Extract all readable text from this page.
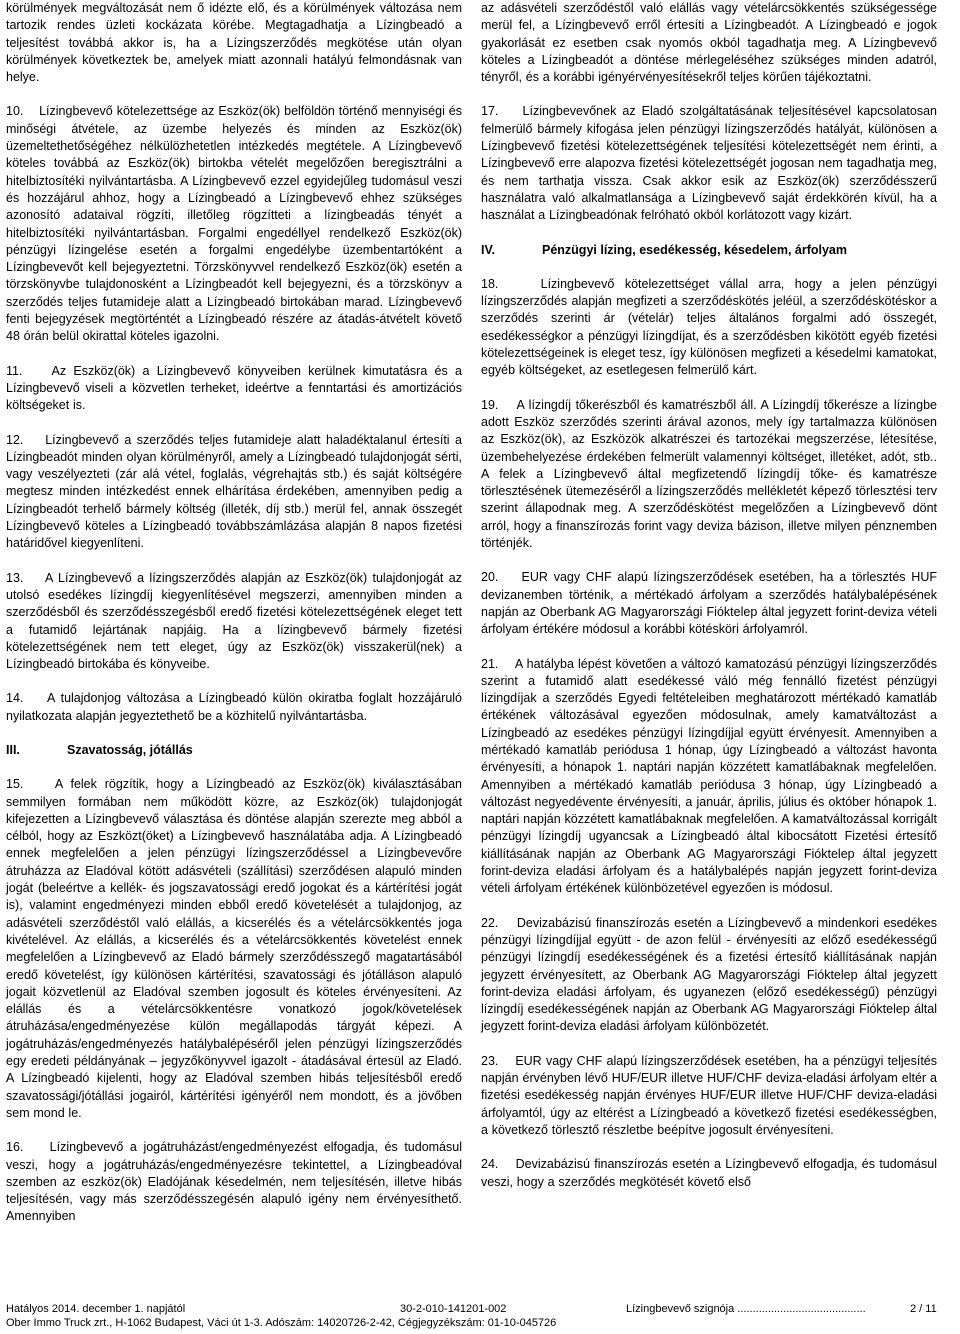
körülmények megváltozását nem ő idézte elő, és a körülmények változása nem tartozik rendes üzleti kockázata körébe. Megtagadhatja a Lízingbeadó a teljesítést továbbá akkor is, ha a Lízingszerződés megkötése után olyan körülmények következtek be, amelyek miatt azonnali hatályú felmondásnak van helye.

10.    Lízingbevevő kötelezettsége az Eszköz(ök) belföldön történő mennyiségi és minőségi átvétele, az üzembe helyezés és minden az Eszköz(ök) üzemeltethetőségéhez nélkülözhetetlen intézkedés megtétele. A Lízingbevevő köteles továbbá az Eszköz(ök) birtokba vételét megelőzően beregisztrálni a hitelbiztosítéki nyilvántartásba. A Lízingbevevő ezzel egyidejűleg tudomásul veszi és hozzájárul ahhoz, hogy a Lízingbeadó a Lízingbevevő ehhez szükséges azonosító adataival rögzíti, illetőleg rögzítteti a lízingbeadás tényét a hitelbiztosítéki nyilvántartásban. Forgalmi engedéllyel rendelkező Eszköz(ök) pénzügyi lízingelése esetén a forgalmi engedélybe üzembentartóként a Lízingbevevőt kell bejegyeztetni. Törzskönyvvel rendelkező Eszköz(ök) esetén a törzskönyvbe tulajdonosként a Lízingbeadót kell bejegyezni, és a törzskönyv a szerződés teljes futamideje alatt a Lízingbeadó birtokában marad. Lízingbevevő fenti bejegyzések megtörténtét a Lízingbeadó részére az átadás-átvételt követő 48 órán belül okirattal köteles igazolni.

11.    Az Eszköz(ök) a Lízingbevevő könyveiben kerülnek kimutatásra és a Lízingbevevő viseli a közvetlen terheket, ideértve a fenntartási és amortizációs költségeket is.

12.    Lízingbevevő a szerződés teljes futamideje alatt haladéktalanul értesíti a Lízingbeadót minden olyan körülményről, amely a Lízingbeadó tulajdonjogát sérti, vagy veszélyezteti (zár alá vétel, foglalás, végrehajtás stb.) és saját költségére megtesz minden intézkedést ennek elhárítása érdekében, amennyiben pedig a Lízingbeadót terhelő bármely költség (illeték, díj stb.) merül fel, annak összegét Lízingbevevő köteles a Lízingbeadó továbbszámlázása alapján 8 napos fizetési határidővel kiegyenlíteni.

13.    A Lízingbevevő a lízingszerződés alapján az Eszköz(ök) tulajdonjogát az utolsó esedékes lízingdíj kiegyenlítésével megszerzi, amennyiben minden a szerződésből és szerződésszegésből eredő fizetési kötelezettségének eleget tett a futamidő lejártának napjáig. Ha a lízingbevevő bármely fizetési kötelezettségének nem tett eleget, úgy az Eszköz(ök) visszakerül(nek) a Lízingbeadó birtokába és könyveibe.

14.    A tulajdonjog változása a Lízingbeadó külön okiratba foglalt hozzájáruló nyilatkozata alapján jegyeztethető be a közhitelű nyilvántartásba.

III.	Szavatosság, jótállás

15.    A felek rögzítik, hogy a Lízingbeadó az Eszköz(ök) kiválasztásában semmilyen formában nem működött közre, az Eszköz(ök) tulajdonjogát kifejezetten a Lízingbevevő választása és döntése alapján szerezte meg abból a célból, hogy az Eszközt(öket) a Lízingbevevő használatába adja. A Lízingbeadó ennek megfelelően a jelen pénzügyi lízingszerződéssel a Lízingbevevőre átruházza az Eladóval kötött adásvételi (szállítási) szerződésen alapuló minden jogát (beleértve a kellék- és jogszavatossági eredő jogokat és a kártérítési jogát is), valamint engedményezi minden ebből eredő követelését a tulajdonjog, az adásvételi szerződéstől való elállás, a kicserélés és a vételárcsökkentés joga kivételével. Az elállás, a kicserélés és a vételárcsökkentés követelést ennek megfelelően a Lízingbevevő az Eladó bármely szerződésszegő magatartásából eredő követelést, így különösen kártérítési, szavatossági és jótálláson alapuló jogait közvetlenül az Eladóval szemben jogosult és köteles érvényesíteni. Az elállás és a vételárcsökkentésre vonatkozó jogok/követelések átruházása/engedményezése külön megállapodás tárgyát képezi. A jogátruházás/engedményezés hatálybalépéséről jelen pénzügyi lízingszerződés egy eredeti példányának – jegyzőkönyvvel igazolt - átadásával értesül az Eladó. A Lízingbeadó kijelenti, hogy az Eladóval szemben hibás teljesítésből eredő szavatossági/jótállási jogairól, kártérítési igényéről nem mondott, és a jövőben sem mond le.

16.    Lízingbevevő a jogátruházást/engedményezést elfogadja, és tudomásul veszi, hogy a jogátruházás/engedményezésre tekintettel, a Lízingbeadóval szemben az eszköz(ök) Eladójának késedelmén, nem teljesítésén, illetve hibás teljesítésén, vagy más szerződésszegésén alapuló igény nem érvényesíthető. Amennyiben

az adásvételi szerződéstől való elállás vagy vételárcsökkentés szükségessége merül fel, a Lízingbevevő erről értesíti a Lízingbeadót. A Lízingbeadó e jogok gyakorlását ez esetben csak nyomós okból tagadhatja meg. A Lízingbevevő köteles a Lízingbeadót a döntése mérlegeléséhez szükséges minden adatról, tényről, és a korábbi igényérvényesítésekről teljes körűen tájékoztatni.

17.    Lízingbevevőnek az Eladó szolgáltatásának teljesítésével kapcsolatosan felmerülő bármely kifogása jelen pénzügyi lízingszerződés hatályát, különösen a Lízingbevevő fizetési kötelezettségének teljesítési kötelezettségét nem érinti, a Lízingbevevő erre alapozva fizetési kötelezettségét jogosan nem tagadhatja meg, és nem tarthatja vissza. Csak akkor esik az Eszköz(ök) szerződésszerű használatra való alkalmatlansága a Lízingbevevő saját érdekkörén kívül, ha a használat a Lízingbeadónak felróható okból korlátozott vagy kizárt.

IV.	Pénzügyi lízing, esedékesség, késedelem, árfolyam

18.    Lízingbevevő kötelezettséget vállal arra, hogy a jelen pénzügyi lízingszerződés alapján megfizeti a szerződéskötés jeléül, a szerződéskötéskor a szerződés szerinti ár (vételár) teljes általános forgalmi adó összegét, esedékességkor a pénzügyi lízingdíjat, és a szerződésben kikötött egyéb fizetési kötelezettségeinek is eleget tesz, így különösen megfizeti a késedelmi kamatokat, egyéb költségeket, az esetlegesen felmerülő kárt.

19.    A lízingdíj tőkerészből és kamatrészből áll. A Lízingdíj tőkerésze a lízingbe adott Eszköz szerződés szerinti árával azonos, mely így tartalmazza különösen az Eszköz(ök), az Eszközök alkatrészei és tartozékai megszerzése, létesítése, üzembehelyezése érdekében felmerült valamennyi költséget, illetéket, adót, stb.. A felek a Lízingbevevő által megfizetendő lízingdíj tőke- és kamatrésze törlesztésének ütemezéséről a lízingszerződés mellékletét képező törlesztési terv szerint állapodnak meg. A szerződéskötést megelőzően a Lízingbevevő dönt arról, hogy a finanszírozás forint vagy deviza bázison, illetve milyen pénznemben történjék.

20.    EUR vagy CHF alapú lízingszerződések esetében, ha a törlesztés HUF devizanemben történik, a mértékadó árfolyam a szerződés hatálybalépésének napján az Oberbank AG Magyarországi Fióktelep által jegyzett forint-deviza vételi árfolyam értékére módosul a korábbi kötésköri árfolyamról.

21.    A hatályba lépést követően a változó kamatozású pénzügyi lízingszerződés szerint a futamidő alatt esedékessé váló még fennálló fizetést pénzügyi lízingdíjak a szerződés Egyedi feltételeiben meghatározott mértékadó kamatláb értékének változásával egyezően módosulnak, amely kamatváltozást a Lízingbeadó az esedékes pénzügyi lízingdíjjal együtt érvényesít. Amennyiben a mértékadó kamatláb periódusa 1 hónap, úgy Lízingbeadó a változást havonta érvényesíti, a hónapok 1. naptári napján közzétett kamatlábaknak megfelelően. Amennyiben a mértékadó kamatláb periódusa 3 hónap, úgy Lízingbeadó a változást negyedévente érvényesíti, a január, április, július és október hónapok 1. naptári napján közzétett kamatlábaknak megfelelően. A kamatváltozással korrigált pénzügyi lízingdíj ugyancsak a Lízingbeadó által kibocsátott Fizetési értesítő kiállításának napján az Oberbank AG Magyarországi Fióktelep által jegyzett forint-deviza eladási árfolyam és a hatálybalépés napján jegyzett forint-deviza vételi árfolyam értékének különbözetével egyezően is módosul.

22.    Devizabázisú finanszírozás esetén a Lízingbevevő a mindenkori esedékes pénzügyi lízingdíjjal együtt - de azon felül - érvényesíti az előző esedékességű pénzügyi lízingdíj esedékességének és a fizetési értesítő kiállításának napján jegyzett érvényesített, az Oberbank AG Magyarországi Fióktelep által jegyzett forint-deviza eladási árfolyam, és ugyanezen (előző esedékességű) pénzügyi lízingdíj esedékességének napján az Oberbank AG Magyarországi Fióktelep által jegyzett forint-deviza eladási árfolyam különbözetét.

23.    EUR vagy CHF alapú lízingszerződések esetében, ha a pénzügyi teljesítés napján érvényben lévő HUF/EUR illetve HUF/CHF deviza-eladási árfolyam eltér a fizetési esedékesség napján érvényes HUF/EUR illetve HUF/CHF deviza-eladási árfolyamtól, úgy az eltérést a Lízingbeadó a következő fizetési esedékességben, a következő törlesztő részletbe beépítve jogosult érvényesíteni.

24.    Devizabázisú finanszírozás esetén a Lízingbevevő elfogadja, és tudomásul veszi, hogy a szerződés megkötését követő első

Hatályos 2014. december 1. napjától	30-2-010-141201-002	Lízingbevevő szignója ..........................................	2 / 11
Ober Immo Truck zrt., H-1062 Budapest, Váci út 1-3. Adószám: 14020726-2-42, Cégjegyzékszám: 01-10-045726
